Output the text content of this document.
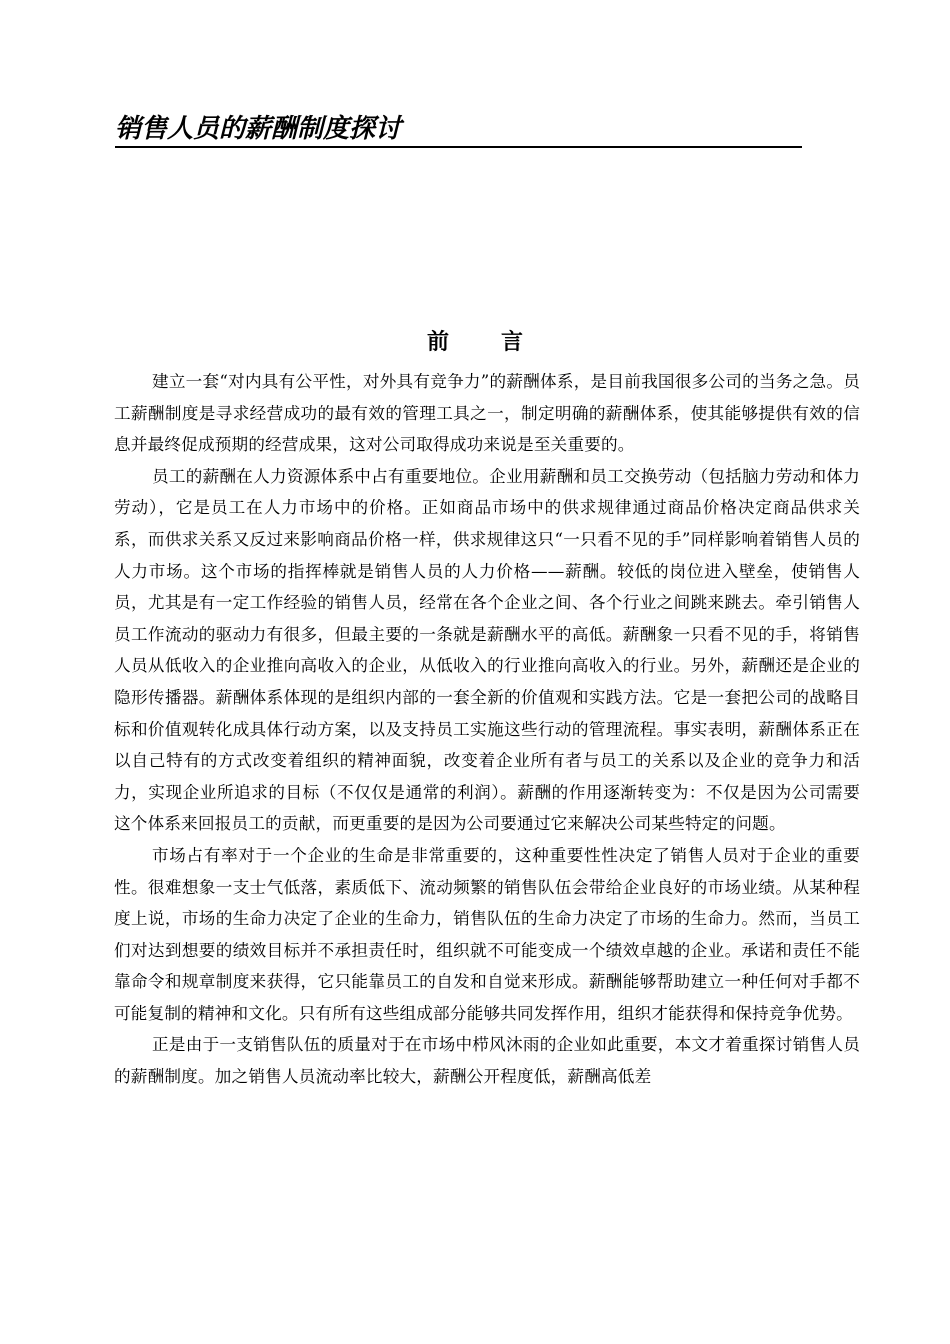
销售人员的薪酬制度探讨
前言

建立一套“对内具有公平性，对外具有竞争力”的薪酬体系，是目前我国很多公司的当务之急。员工薪酬制度是寻求经营成功的最有效的管理工具之一，制定明确的薪酬体系，使其能够提供有效的信息并最终促成预期的经营成果，这对公司取得成功来说是至关重要的。

员工的薪酬在人力资源体系中占有重要地位。企业用薪酬和员工交换劳动（包括脑力劳动和体力劳动），它是员工在人力市场中的价格。正如商品市场中的供求规律通过商品价格决定商品供求关系，而供求关系又反过来影响商品价格一样，供求规律这只“一只看不见的手”同样影响着销售人员的人力市场。这个市场的指挥棒就是销售人员的人力价格——薪酬。较低的岗位进入壁垒，使销售人员，尤其是有一定工作经验的销售人员，经常在各个企业之间、各个行业之间跳来跳去。牵引销售人员工作流动的驱动力有很多，但最主要的一条就是薪酬水平的高低。薪酬象一只看不见的手，将销售人员从低收入的企业推向高收入的企业，从低收入的行业推向高收入的行业。另外，薪酬还是企业的隐形传播器。薪酬体系体现的是组织内部的一套全新的价值观和实践方法。它是一套把公司的战略目标和价值观转化成具体行动方案，以及支持员工实施这些行动的管理流程。事实表明，薪酬体系正在以自己特有的方式改变着组织的精神面貌，改变着企业所有者与员工的关系以及企业的竞争力和活力，实现企业所追求的目标（不仅仅是通常的利润）。薪酬的作用逐渐转变为：不仅是因为公司需要这个体系来回报员工的贡献，而更重要的是因为公司要通过它来解决公司某些特定的问题。

市场占有率对于一个企业的生命是非常重要的，这种重要性性决定了销售人员对于企业的重要性。很难想象一支士气低落，素质低下、流动频繁的销售队伍会带给企业良好的市场业绩。从某种程度上说，市场的生命力决定了企业的生命力，销售队伍的生命力决定了市场的生命力。然而，当员工们对达到想要的绩效目标并不承担责任时，组织就不可能变成一个绩效卓越的企业。承诺和责任不能靠命令和规章制度来获得，它只能靠员工的自发和自觉来形成。薪酬能够帮助建立一种任何对手都不可能复制的精神和文化。只有所有这些组成部分能够共同发挥作用，组织才能获得和保持竞争优势。

正是由于一支销售队伍的质量对于在市场中栉风沐雨的企业如此重要，本文才着重探讨销售人员的薪酬制度。加之销售人员流动率比较大，薪酬公开程度低，薪酬高低差
